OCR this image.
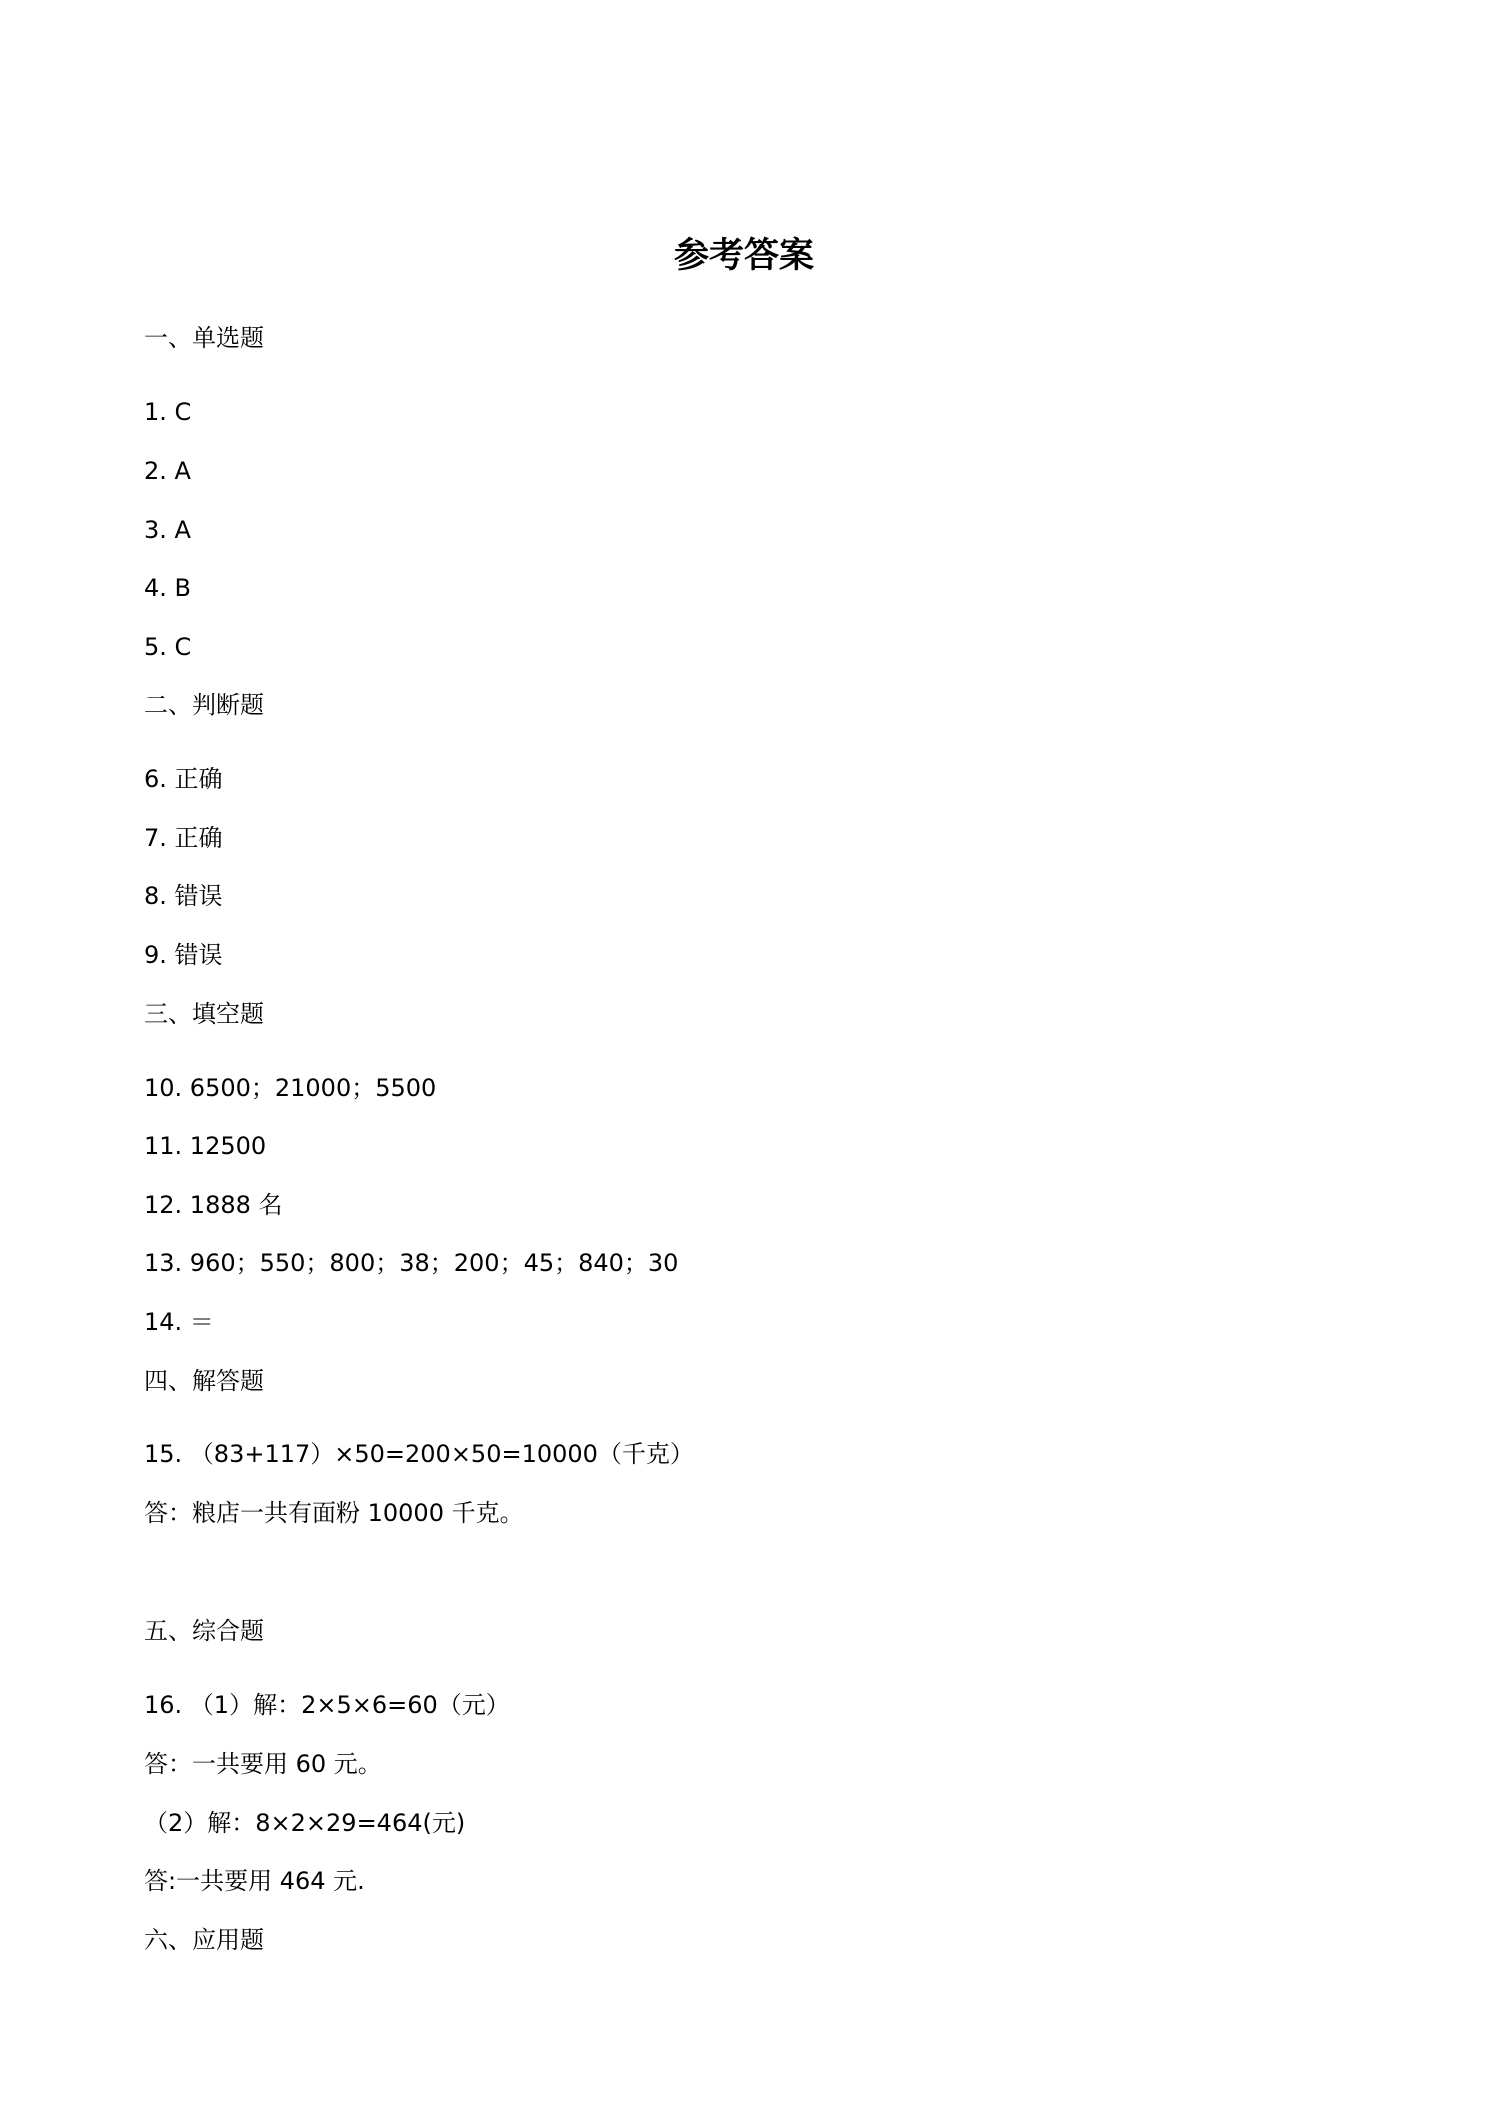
参考答案

一、单选题

1. C

2. A

3. A

4. B

5. C

二、判断题

6. 正确

7. 正确

8. 错误

9. 错误

三、填空题

10. 6500；21000；5500

11. 12500

12. 1888 名

13. 960；550；800；38；200；45；840；30

14. ＝

四、解答题

15. （83+117）×50=200×50=10000（千克）

答：粮店一共有面粉 10000 千克。

五、综合题

16. （1）解：2×5×6=60（元）

答：一共要用 60 元。

（2）解：8×2×29=464(元)

答:一共要用 464 元.

六、应用题
